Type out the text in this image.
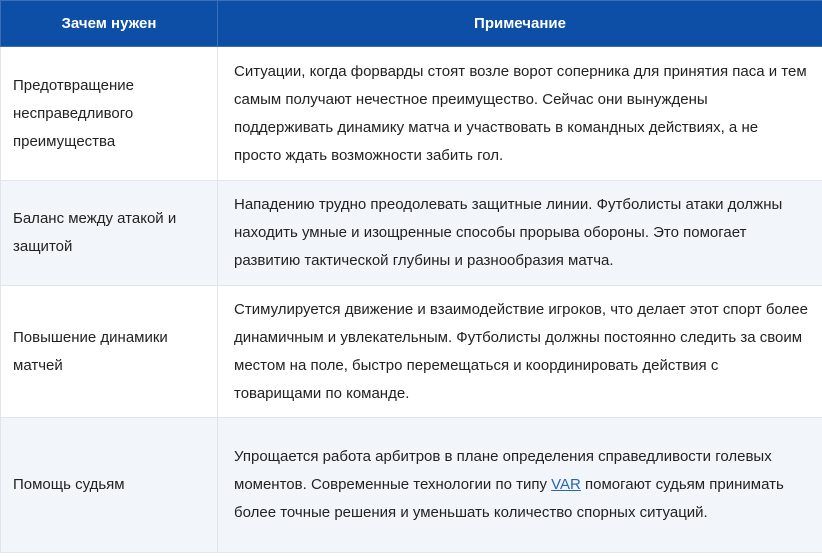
Зачем нужен	Примечание
Предотвращение несправедливого преимущества	Ситуации, когда форварды стоят возле ворот соперника для принятия паса и тем самым получают нечестное преимущество. Сейчас они вынуждены поддерживать динамику матча и участвовать в командных действиях, а не просто ждать возможности забить гол.
Баланс между атакой и защитой	Нападению трудно преодолевать защитные линии. Футболисты атаки должны находить умные и изощренные способы прорыва обороны. Это помогает развитию тактической глубины и разнообразия матча.
Повышение динамики матчей	Стимулируется движение и взаимодействие игроков, что делает этот спорт более динамичным и увлекательным. Футболисты должны постоянно следить за своим местом на поле, быстро перемещаться и координировать действия с товарищами по команде.
Помощь судьям	Упрощается работа арбитров в плане определения справедливости голевых моментов. Современные технологии по типу VAR помогают судьям принимать более точные решения и уменьшать количество спорных ситуаций.
